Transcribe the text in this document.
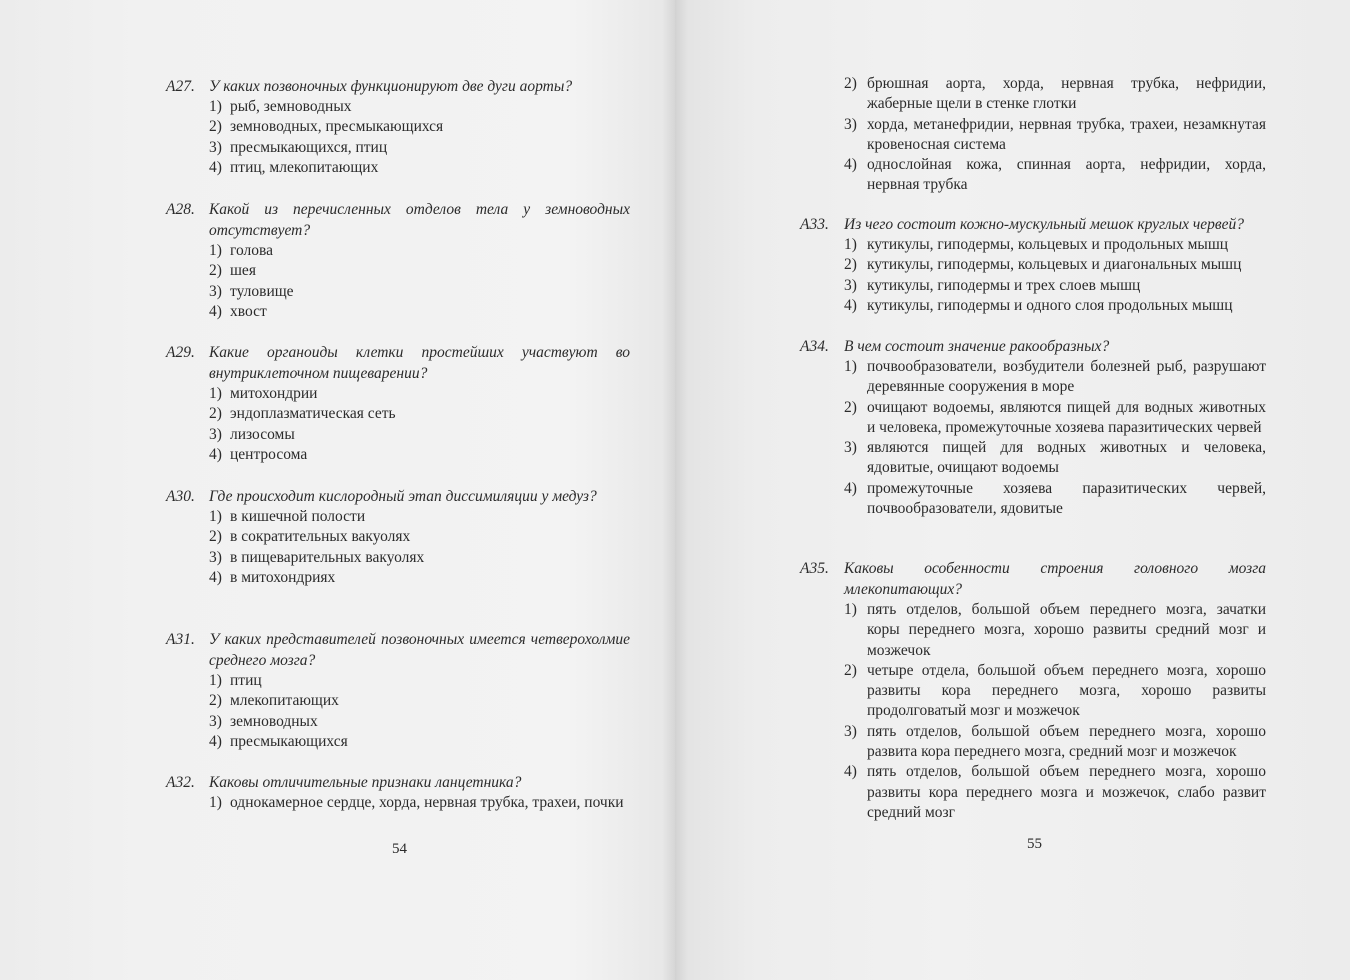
A27. У каких позвоночных функционируют две дуги аорты?
1) рыб, земноводных
2) земноводных, пресмыкающихся
3) пресмыкающихся, птиц
4) птиц, млекопитающих
A28. Какой из перечисленных отделов тела у земноводных отсутствует?
1) голова
2) шея
3) туловище
4) хвост
A29. Какие органоиды клетки простейших участвуют во внутриклеточном пищеварении?
1) митохондрии
2) эндоплазматическая сеть
3) лизосомы
4) центросома
A30. Где происходит кислородный этап диссимиляции у медуз?
1) в кишечной полости
2) в сократительных вакуолях
3) в пищеварительных вакуолях
4) в митохондриях
A31. У каких представителей позвоночных имеется четверохолмие среднего мозга?
1) птиц
2) млекопитающих
3) земноводных
4) пресмыкающихся
A32. Каковы отличительные признаки ланцетника?
1) однокамерное сердце, хорда, нервная трубка, трахеи, почки
54
2) брюшная аорта, хорда, нервная трубка, нефридии, жаберные щели в стенке глотки
3) хорда, метанефридии, нервная трубка, трахеи, незамкнутая кровеносная система
4) однослойная кожа, спинная аорта, нефридии, хорда, нервная трубка
A33. Из чего состоит кожно-мускульный мешок круглых червей?
1) кутикулы, гиподермы, кольцевых и продольных мышц
2) кутикулы, гиподермы, кольцевых и диагональных мышц
3) кутикулы, гиподермы и трех слоев мышц
4) кутикулы, гиподермы и одного слоя продольных мышц
A34. В чем состоит значение ракообразных?
1) почвообразователи, возбудители болезней рыб, разрушают деревянные сооружения в море
2) очищают водоемы, являются пищей для водных животных и человека, промежуточные хозяева паразитических червей
3) являются пищей для водных животных и человека, ядовитые, очищают водоемы
4) промежуточные хозяева паразитических червей, почвообразователи, ядовитые
A35. Каковы особенности строения головного мозга млекопитающих?
1) пять отделов, большой объем переднего мозга, зачатки коры переднего мозга, хорошо развиты средний мозг и мозжечок
2) четыре отдела, большой объем переднего мозга, хорошо развиты кора переднего мозга, хорошо развиты продолговатый мозг и мозжечок
3) пять отделов, большой объем переднего мозга, хорошо развита кора переднего мозга, средний мозг и мозжечок
4) пять отделов, большой объем переднего мозга, хорошо развиты кора переднего мозга и мозжечок, слабо развит средний мозг
55
